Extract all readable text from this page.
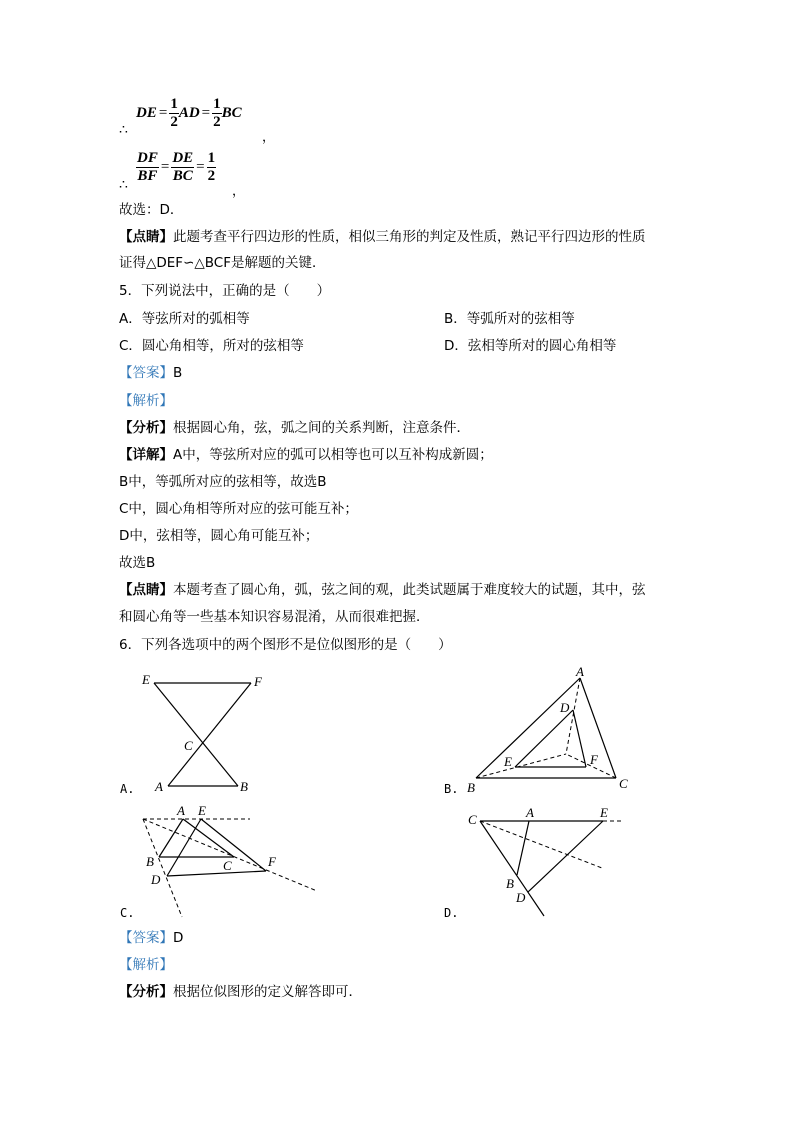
∴
DE = $\frac{1}{2}$ AD = $\frac{1}{2}$ BC
，
∴ $\frac{DF}{BF} = \frac{DE}{BC} = \frac{1}{2}$
，
故选：D．
【点睛】此题考查平行四边形的性质，相似三角形的判定及性质，熟记平行四边形的性质
证得△DEF∽△BCF是解题的关键．
5．下列说法中，正确的是（　　）
A．等弦所对的弧相等	B．等弧所对的弦相等
C．圆心角相等，所对的弦相等	D．弦相等所对的圆心角相等
【答案】B
【解析】
【分析】根据圆心角，弦，弧之间的关系判断，注意条件．
【详解】A中，等弦所对应的弧可以相等也可以互补构成新圆；
B中，等弧所对应的弦相等，故选B
C中，圆心角相等所对应的弦可能互补；
D中，弦相等，圆心角可能互补；
故选B
【点睛】本题考查了圆心角，弧，弦之间的观，此类试题属于难度较大的试题，其中，弦
和圆心角等一些基本知识容易混淆，从而很难把握．
6．下列各选项中的两个图形不是位似图形的是（　　）
E	F
C
A	B
A.
A
D
E	F
B	C
B.
A E
B	C
D
F
C.
C	A	E
B
D
D.
【答案】D
【解析】
【分析】根据位似图形的定义解答即可．
